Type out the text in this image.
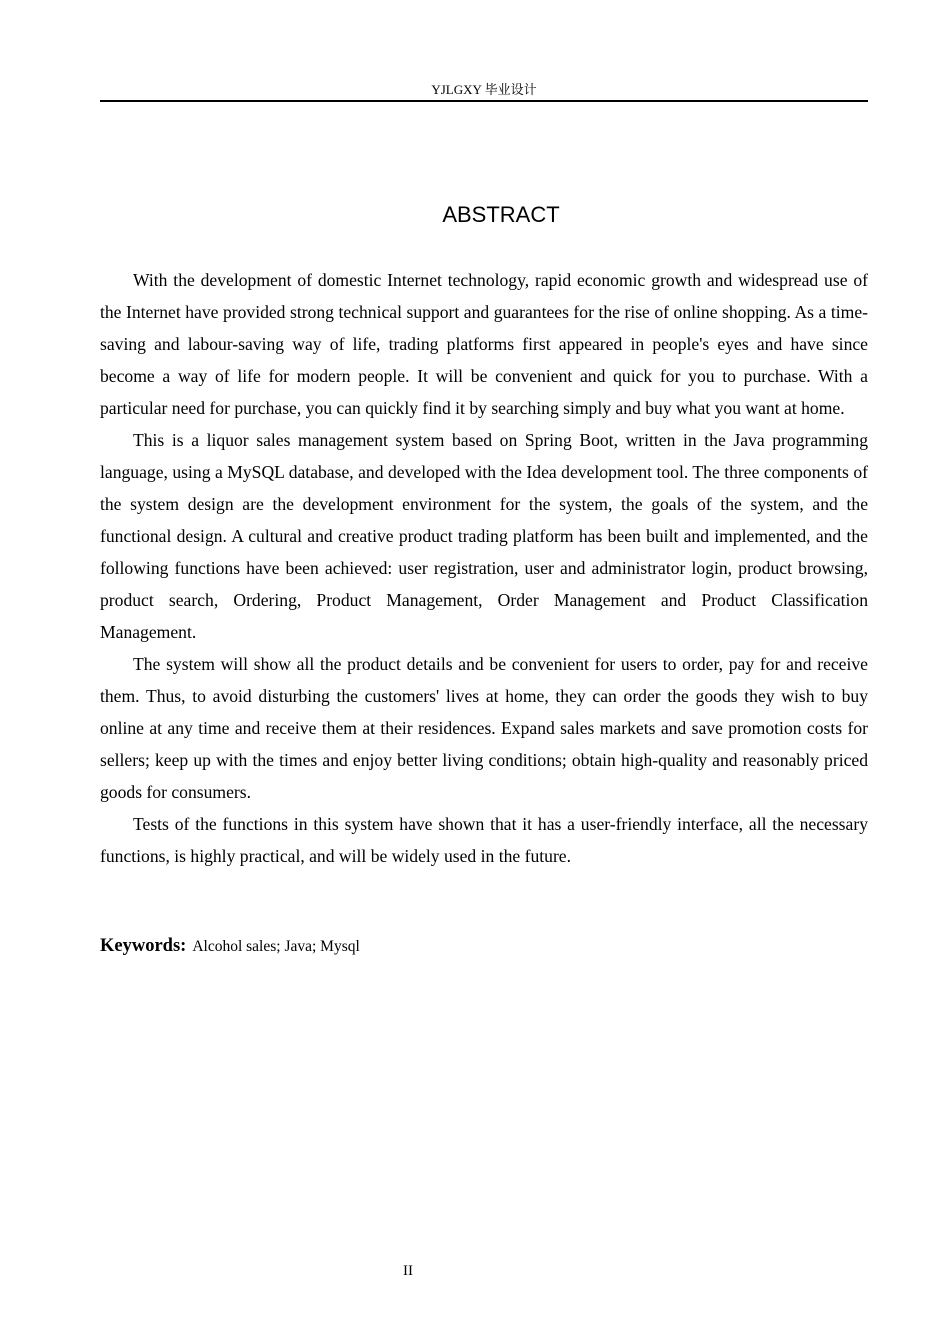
YJLGXY 毕业设计
ABSTRACT

With the development of domestic Internet technology, rapid economic growth and widespread use of the Internet have provided strong technical support and guarantees for the rise of online shopping. As a time-saving and labour-saving way of life, trading platforms first appeared in people's eyes and have since become a way of life for modern people. It will be convenient and quick for you to purchase. With a particular need for purchase, you can quickly find it by searching simply and buy what you want at home.

This is a liquor sales management system based on Spring Boot, written in the Java programming language, using a MySQL database, and developed with the Idea development tool. The three components of the system design are the development environment for the system, the goals of the system, and the functional design. A cultural and creative product trading platform has been built and implemented, and the following functions have been achieved: user registration, user and administrator login, product browsing, product search, Ordering, Product Management, Order Management and Product Classification Management.

The system will show all the product details and be convenient for users to order, pay for and receive them. Thus, to avoid disturbing the customers' lives at home, they can order the goods they wish to buy online at any time and receive them at their residences. Expand sales markets and save promotion costs for sellers; keep up with the times and enjoy better living conditions; obtain high-quality and reasonably priced goods for consumers.

Tests of the functions in this system have shown that it has a user-friendly interface, all the necessary functions, is highly practical, and will be widely used in the future.

Keywords: Alcohol sales; Java; Mysql
II
